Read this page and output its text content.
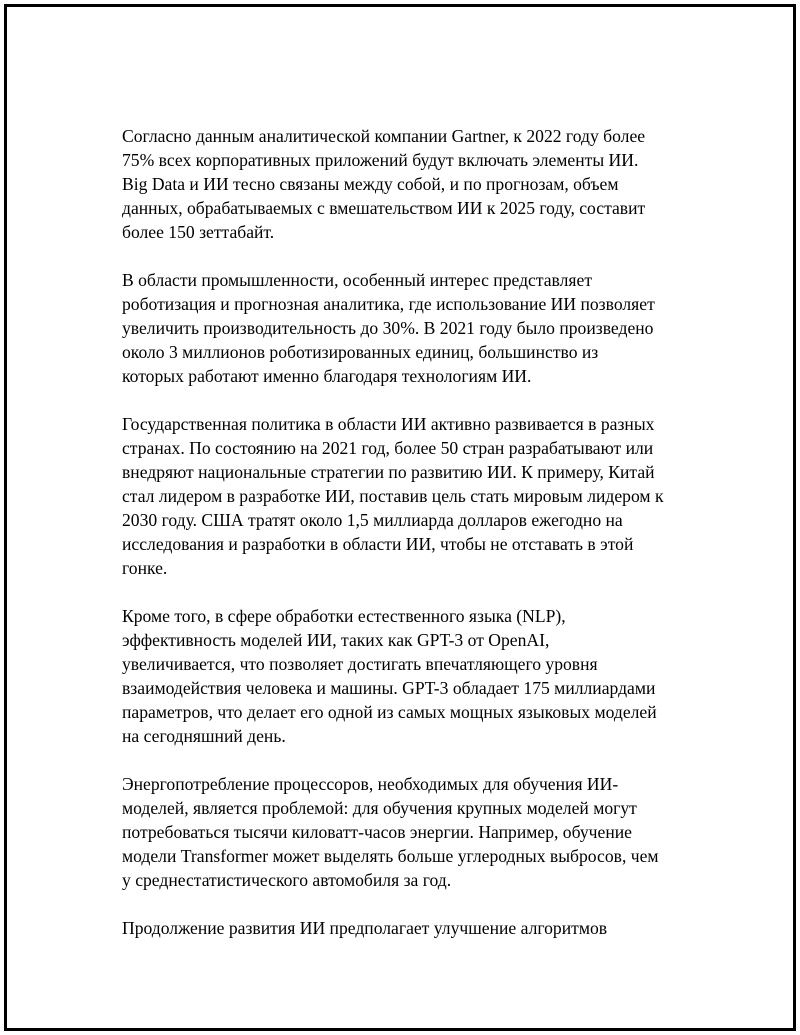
Согласно данным аналитической компании Gartner, к 2022 году более
75% всех корпоративных приложений будут включать элементы ИИ.
Big Data и ИИ тесно связаны между собой, и по прогнозам, объем
данных, обрабатываемых с вмешательством ИИ к 2025 году, составит
более 150 зеттабайт.
В области промышленности, особенный интерес представляет
роботизация и прогнозная аналитика, где использование ИИ позволяет
увеличить производительность до 30%. В 2021 году было произведено
около 3 миллионов роботизированных единиц, большинство из
которых работают именно благодаря технологиям ИИ.
Государственная политика в области ИИ активно развивается в разных
странах. По состоянию на 2021 год, более 50 стран разрабатывают или
внедряют национальные стратегии по развитию ИИ. К примеру, Китай
стал лидером в разработке ИИ, поставив цель стать мировым лидером к
2030 году. США тратят около 1,5 миллиарда долларов ежегодно на
исследования и разработки в области ИИ, чтобы не отставать в этой
гонке.
Кроме того, в сфере обработки естественного языка (NLP),
эффективность моделей ИИ, таких как GPT-3 от OpenAI,
увеличивается, что позволяет достигать впечатляющего уровня
взаимодействия человека и машины. GPT-3 обладает 175 миллиардами
параметров, что делает его одной из самых мощных языковых моделей
на сегодняшний день.
Энергопотребление процессоров, необходимых для обучения ИИ-
моделей, является проблемой: для обучения крупных моделей могут
потребоваться тысячи киловатт-часов энергии. Например, обучение
модели Transformer может выделять больше углеродных выбросов, чем
у среднестатистического автомобиля за год.
Продолжение развития ИИ предполагает улучшение алгоритмов
